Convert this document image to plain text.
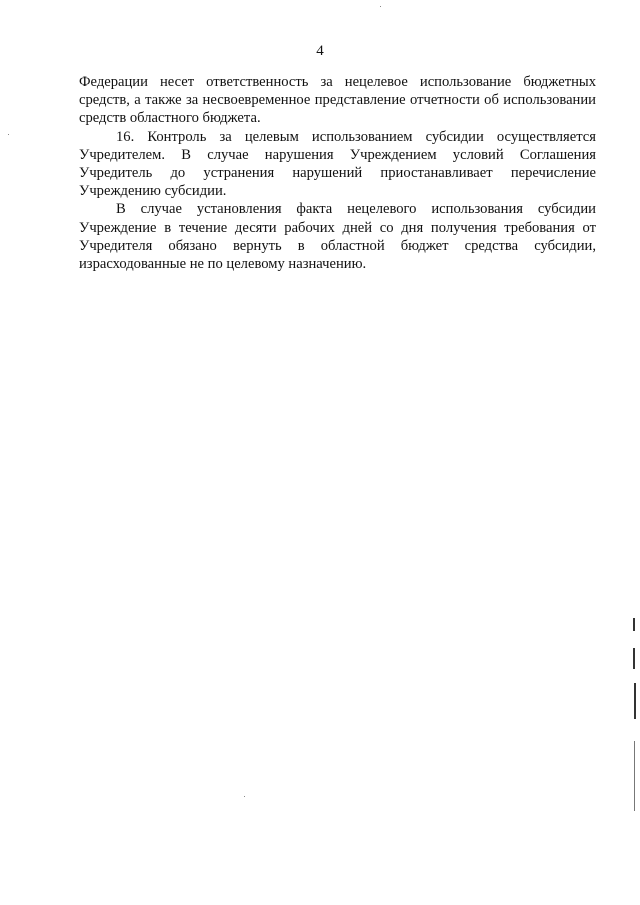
4

Федерации несет ответственность за нецелевое использование бюджетных средств, а также за несвоевременное представление отчетности об использовании средств областного бюджета.

16. Контроль за целевым использованием субсидии осуществляется Учредителем. В случае нарушения Учреждением условий Соглашения Учредитель до устранения нарушений приостанавливает перечисление Учреждению субсидии.

В случае установления факта нецелевого использования субсидии Учреждение в течение десяти рабочих дней со дня получения требования от Учредителя обязано вернуть в областной бюджет средства субсидии, израсходованные не по целевому назначению.
